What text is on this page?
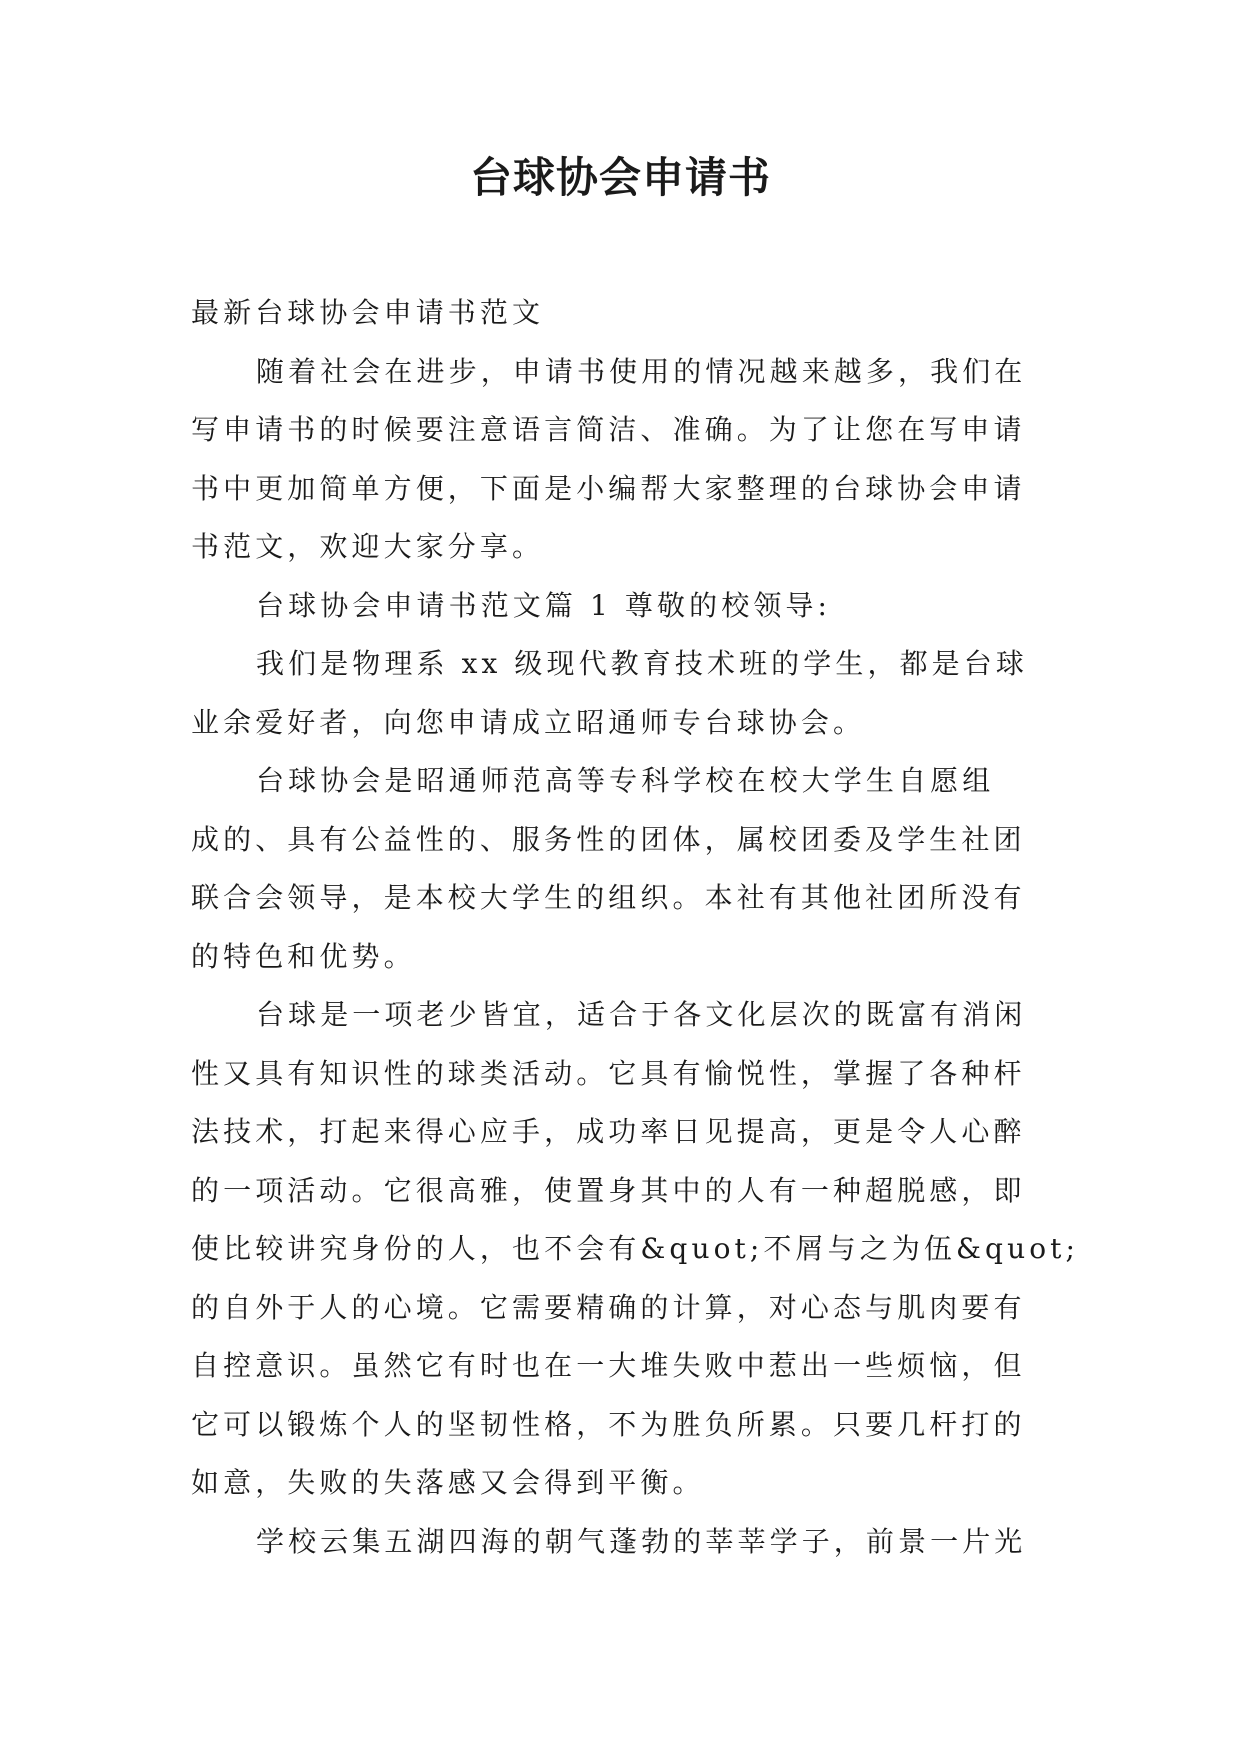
台球协会申请书

最新台球协会申请书范文

随着社会在进步，申请书使用的情况越来越多，我们在

写申请书的时候要注意语言简洁、准确。为了让您在写申请

书中更加简单方便，下面是小编帮大家整理的台球协会申请

书范文，欢迎大家分享。

台球协会申请书范文篇 1 尊敬的校领导:

我们是物理系 xx 级现代教育技术班的学生，都是台球

业余爱好者，向您申请成立昭通师专台球协会。

台球协会是昭通师范高等专科学校在校大学生自愿组

成的、具有公益性的、服务性的团体，属校团委及学生社团

联合会领导，是本校大学生的组织。本社有其他社团所没有

的特色和优势。

台球是一项老少皆宜，适合于各文化层次的既富有消闲

性又具有知识性的球类活动。它具有愉悦性，掌握了各种杆

法技术，打起来得心应手，成功率日见提高，更是令人心醉

的一项活动。它很高雅，使置身其中的人有一种超脱感，即

使比较讲究身份的人，也不会有&quot;不屑与之为伍&quot;

的自外于人的心境。它需要精确的计算，对心态与肌肉要有

自控意识。虽然它有时也在一大堆失败中惹出一些烦恼，但

它可以锻炼个人的坚韧性格，不为胜负所累。只要几杆打的

如意，失败的失落感又会得到平衡。

学校云集五湖四海的朝气蓬勃的莘莘学子，前景一片光
